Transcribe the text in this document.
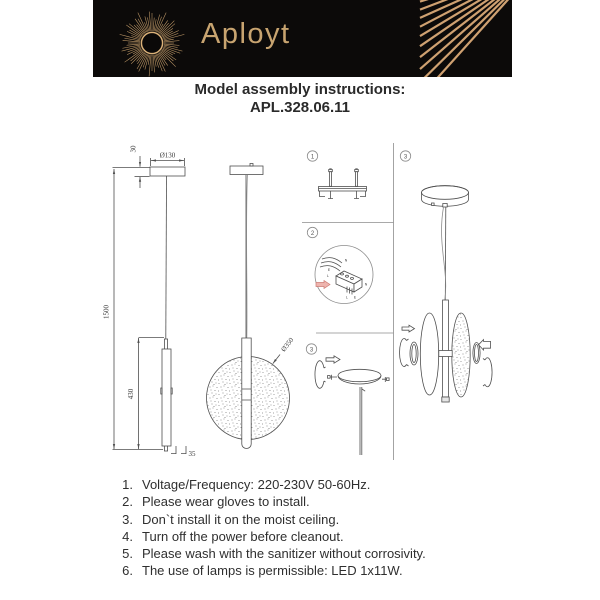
Aployt
Model assembly instructions:
APL.328.06.11
1500
430
Ø130
30
35
Ø350
1
2
N
E
L
N
L E
3
3
1. Voltage/Frequency: 220-230V 50-60Hz.
2. Please wear gloves to install.
3. Don`t install it on the moist ceiling.
4. Turn off the power before cleanout.
5. Please wash with the sanitizer without corrosivity.
6. The use of lamps is permissible: LED 1x11W.
